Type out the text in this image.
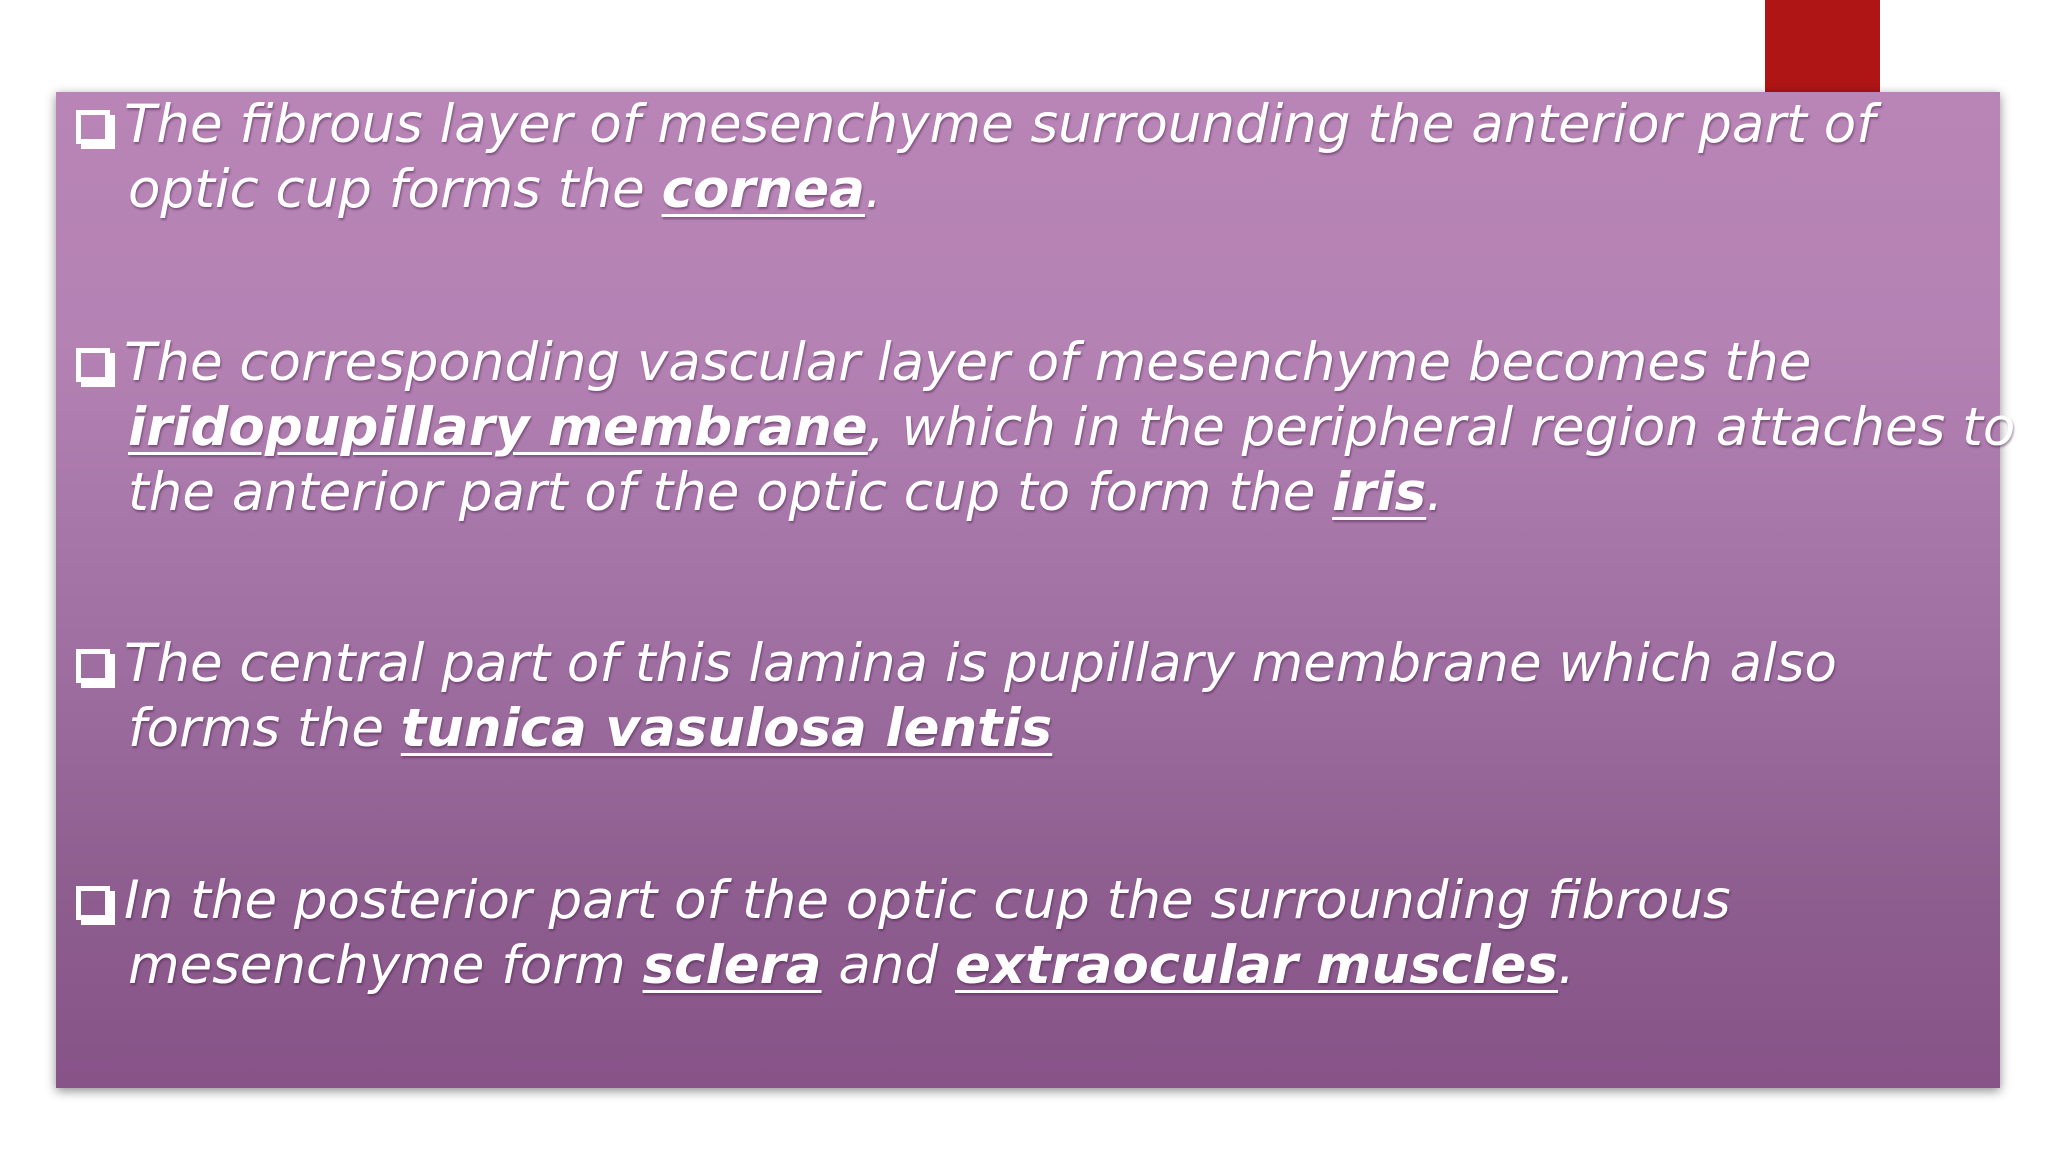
The fibrous layer of mesenchyme surrounding the anterior part of
optic cup forms the cornea.
The corresponding vascular layer of mesenchyme becomes the
iridopupillary membrane, which in the peripheral region attaches to
the anterior part of the optic cup to form the iris.
The central part of this lamina is pupillary membrane which also
forms the tunica vasulosa lentis
In the posterior part of the optic cup the surrounding fibrous
mesenchyme form sclera and extraocular muscles.
